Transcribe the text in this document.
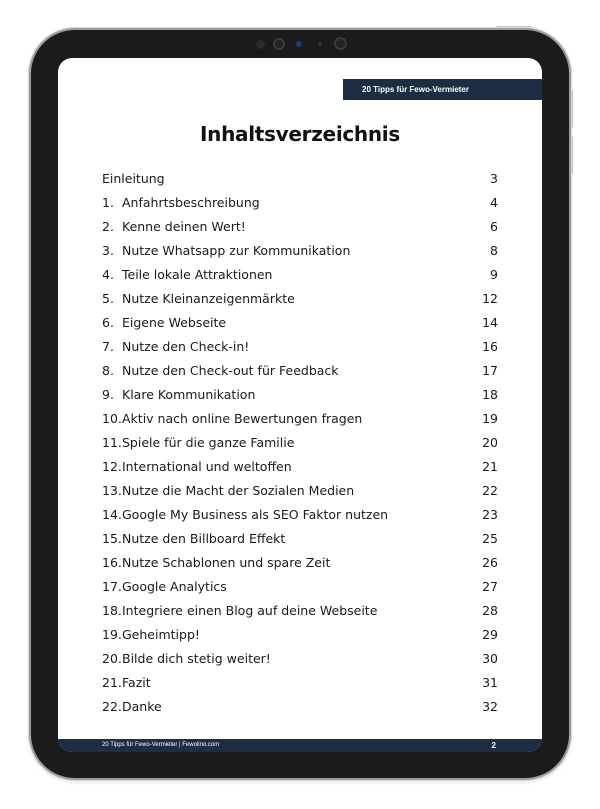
20 Tipps für Fewo-Vermieter
Inhaltsverzeichnis
Einleitung	3
1. Anfahrtsbeschreibung	4
2. Kenne deinen Wert!	6
3. Nutze Whatsapp zur Kommunikation	8
4. Teile lokale Attraktionen	9
5. Nutze Kleinanzeigenmärkte	12
6. Eigene Webseite	14
7. Nutze den Check-in!	16
8. Nutze den Check-out für Feedback	17
9. Klare Kommunikation	18
10. Aktiv nach online Bewertungen fragen	19
11. Spiele für die ganze Familie	20
12. International und weltoffen	21
13. Nutze die Macht der Sozialen Medien	22
14. Google My Business als SEO Faktor nutzen	23
15. Nutze den Billboard Effekt	25
16. Nutze Schablonen und spare Zeit	26
17. Google Analytics	27
18. Integriere einen Blog auf deine Webseite	28
19. Geheimtipp!	29
20. Bilde dich stetig weiter!	30
21. Fazit	31
22. Danke	32
20 Tipps für Fewo-Vermieter | Fewolino.com	2
